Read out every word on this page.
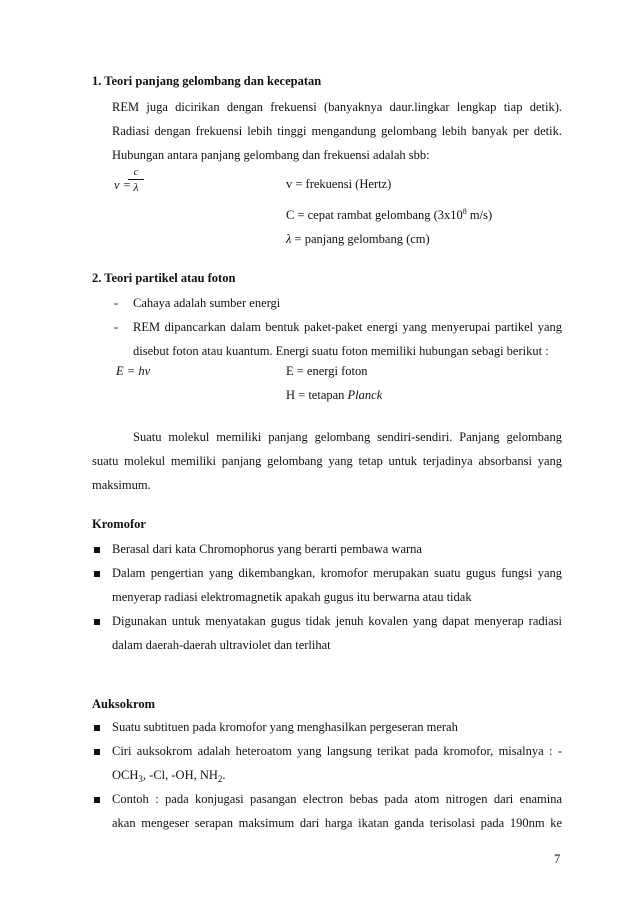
1. Teori panjang gelombang dan kecepatan
REM juga dicirikan dengan frekuensi (banyaknya daur.lingkar lengkap tiap detik).
Radiasi dengan frekuensi lebih tinggi mengandung gelombang lebih banyak per detik.
Hubungan antara panjang gelombang dan frekuensi adalah sbb:
v =
c
λ	v = frekuensi (Hertz)
C = cepat rambat gelombang ($3x10^8$ m/s)
λ = panjang gelombang (cm)
2. Teori partikel atau foton
- Cahaya adalah sumber energi
- REM dipancarkan dalam bentuk paket-paket energi yang menyerupai partikel yang
disebut foton atau kuantum. Energi suatu foton memiliki hubungan sebagi berikut :
E = hv	E = energi foton
H = tetapan Planck
Suatu molekul memiliki panjang gelombang sendiri-sendiri. Panjang gelombang
suatu molekul memiliki panjang gelombang yang tetap untuk terjadinya absorbansi yang
maksimum.
Kromofor
Berasal dari kata Chromophorus yang berarti pembawa warna
Dalam pengertian yang dikembangkan, kromofor merupakan suatu gugus fungsi yang
menyerap radiasi elektromagnetik apakah gugus itu berwarna atau tidak
Digunakan untuk menyatakan gugus tidak jenuh kovalen yang dapat menyerap radiasi
dalam daerah-daerah ultraviolet dan terlihat
Auksokrom
Suatu subtituen pada kromofor yang menghasilkan pergeseran merah
Ciri auksokrom adalah heteroatom yang langsung terikat pada kromofor, misalnya : -
$OCH_3$, -Cl, -OH, $NH_2$.
Contoh : pada konjugasi pasangan electron bebas pada atom nitrogen dari enamina
akan mengeser serapan maksimum dari harga ikatan ganda terisolasi pada 190nm ke
7
